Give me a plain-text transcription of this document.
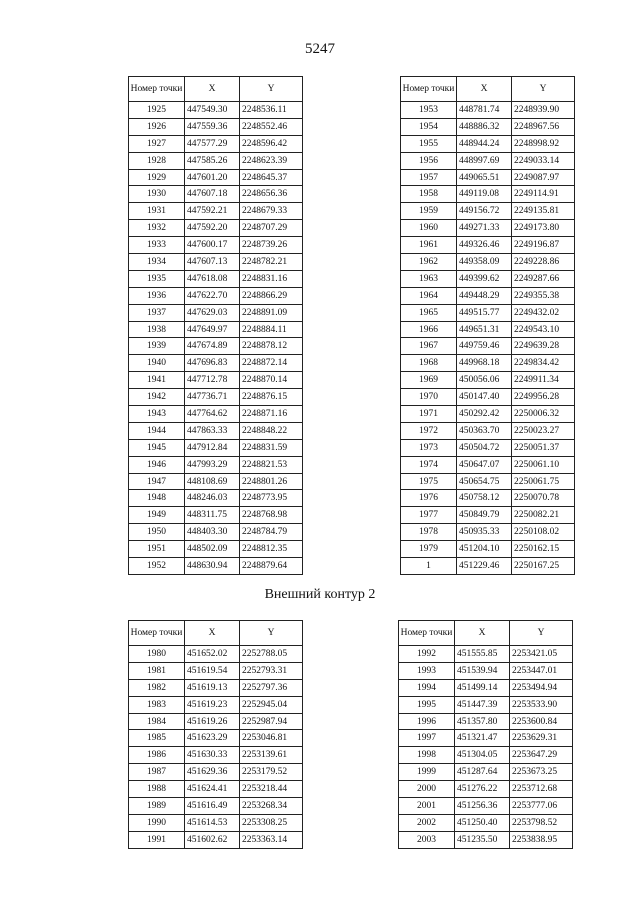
5247
Номер точки	X	Y
1925	447549.30	2248536.11
1926	447559.36	2248552.46
1927	447577.29	2248596.42
1928	447585.26	2248623.39
1929	447601.20	2248645.37
1930	447607.18	2248656.36
1931	447592.21	2248679.33
1932	447592.20	2248707.29
1933	447600.17	2248739.26
1934	447607.13	2248782.21
1935	447618.08	2248831.16
1936	447622.70	2248866.29
1937	447629.03	2248891.09
1938	447649.97	2248884.11
1939	447674.89	2248878.12
1940	447696.83	2248872.14
1941	447712.78	2248870.14
1942	447736.71	2248876.15
1943	447764.62	2248871.16
1944	447863.33	2248848.22
1945	447912.84	2248831.59
1946	447993.29	2248821.53
1947	448108.69	2248801.26
1948	448246.03	2248773.95
1949	448311.75	2248768.98
1950	448403.30	2248784.79
1951	448502.09	2248812.35
1952	448630.94	2248879.64
Номер точки	X	Y
1953	448781.74	2248939.90
1954	448886.32	2248967.56
1955	448944.24	2248998.92
1956	448997.69	2249033.14
1957	449065.51	2249087.97
1958	449119.08	2249114.91
1959	449156.72	2249135.81
1960	449271.33	2249173.80
1961	449326.46	2249196.87
1962	449358.09	2249228.86
1963	449399.62	2249287.66
1964	449448.29	2249355.38
1965	449515.77	2249432.02
1966	449651.31	2249543.10
1967	449759.46	2249639.28
1968	449968.18	2249834.42
1969	450056.06	2249911.34
1970	450147.40	2249956.28
1971	450292.42	2250006.32
1972	450363.70	2250023.27
1973	450504.72	2250051.37
1974	450647.07	2250061.10
1975	450654.75	2250061.75
1976	450758.12	2250070.78
1977	450849.79	2250082.21
1978	450935.33	2250108.02
1979	451204.10	2250162.15
1	451229.46	2250167.25
Внешний контур 2
Номер точки	X	Y
1980	451652.02	2252788.05
1981	451619.54	2252793.31
1982	451619.13	2252797.36
1983	451619.23	2252945.04
1984	451619.26	2252987.94
1985	451623.29	2253046.81
1986	451630.33	2253139.61
1987	451629.36	2253179.52
1988	451624.41	2253218.44
1989	451616.49	2253268.34
1990	451614.53	2253308.25
1991	451602.62	2253363.14
Номер точки	X	Y
1992	451555.85	2253421.05
1993	451539.94	2253447.01
1994	451499.14	2253494.94
1995	451447.39	2253533.90
1996	451357.80	2253600.84
1997	451321.47	2253629.31
1998	451304.05	2253647.29
1999	451287.64	2253673.25
2000	451276.22	2253712.68
2001	451256.36	2253777.06
2002	451250.40	2253798.52
2003	451235.50	2253838.95
